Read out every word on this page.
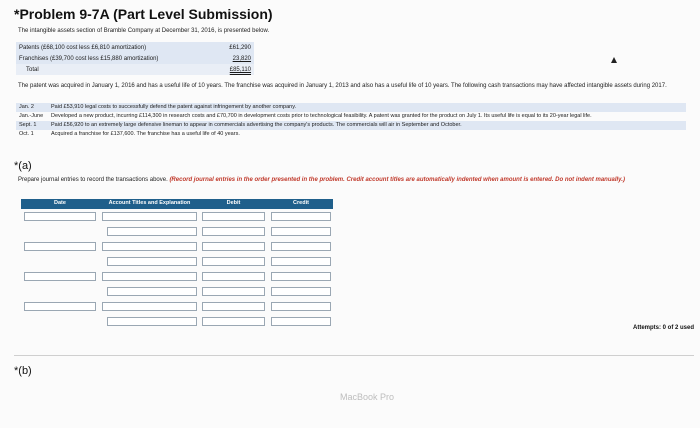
*Problem 9-7A (Part Level Submission)
The intangible assets section of Bramble Company at December 31, 2016, is presented below.
Patents (£68,100 cost less £6,810 amortization)	£61,290
Franchises (£39,700 cost less £15,880 amortization)	23,820
Total	£85,110
The patent was acquired in January 1, 2016 and has a useful life of 10 years. The franchise was acquired in January 1, 2013 and also has a useful life of 10 years. The following cash transactions may have affected intangible assets during 2017.
Jan. 2	Paid £53,910 legal costs to successfully defend the patent against infringement by another company.
Jan.-June	Developed a new product, incurring £114,300 in research costs and £70,700 in development costs prior to technological feasibility. A patent was granted for the product on July 1. Its useful life is equal to its 20-year legal life.
Sept. 1	Paid £56,920 to an extremely large defensive lineman to appear in commercials advertising the company's products. The commercials will air in September and October.
Oct. 1	Acquired a franchise for £137,600. The franchise has a useful life of 40 years.
*(a)
Prepare journal entries to record the transactions above. (Record journal entries in the order presented in the problem. Credit account titles are automatically indented when amount is entered. Do not indent manually.)
Date	Account Titles and Explanation	Debit	Credit
Attempts: 0 of 2 used
*(b)
MacBook Pro
